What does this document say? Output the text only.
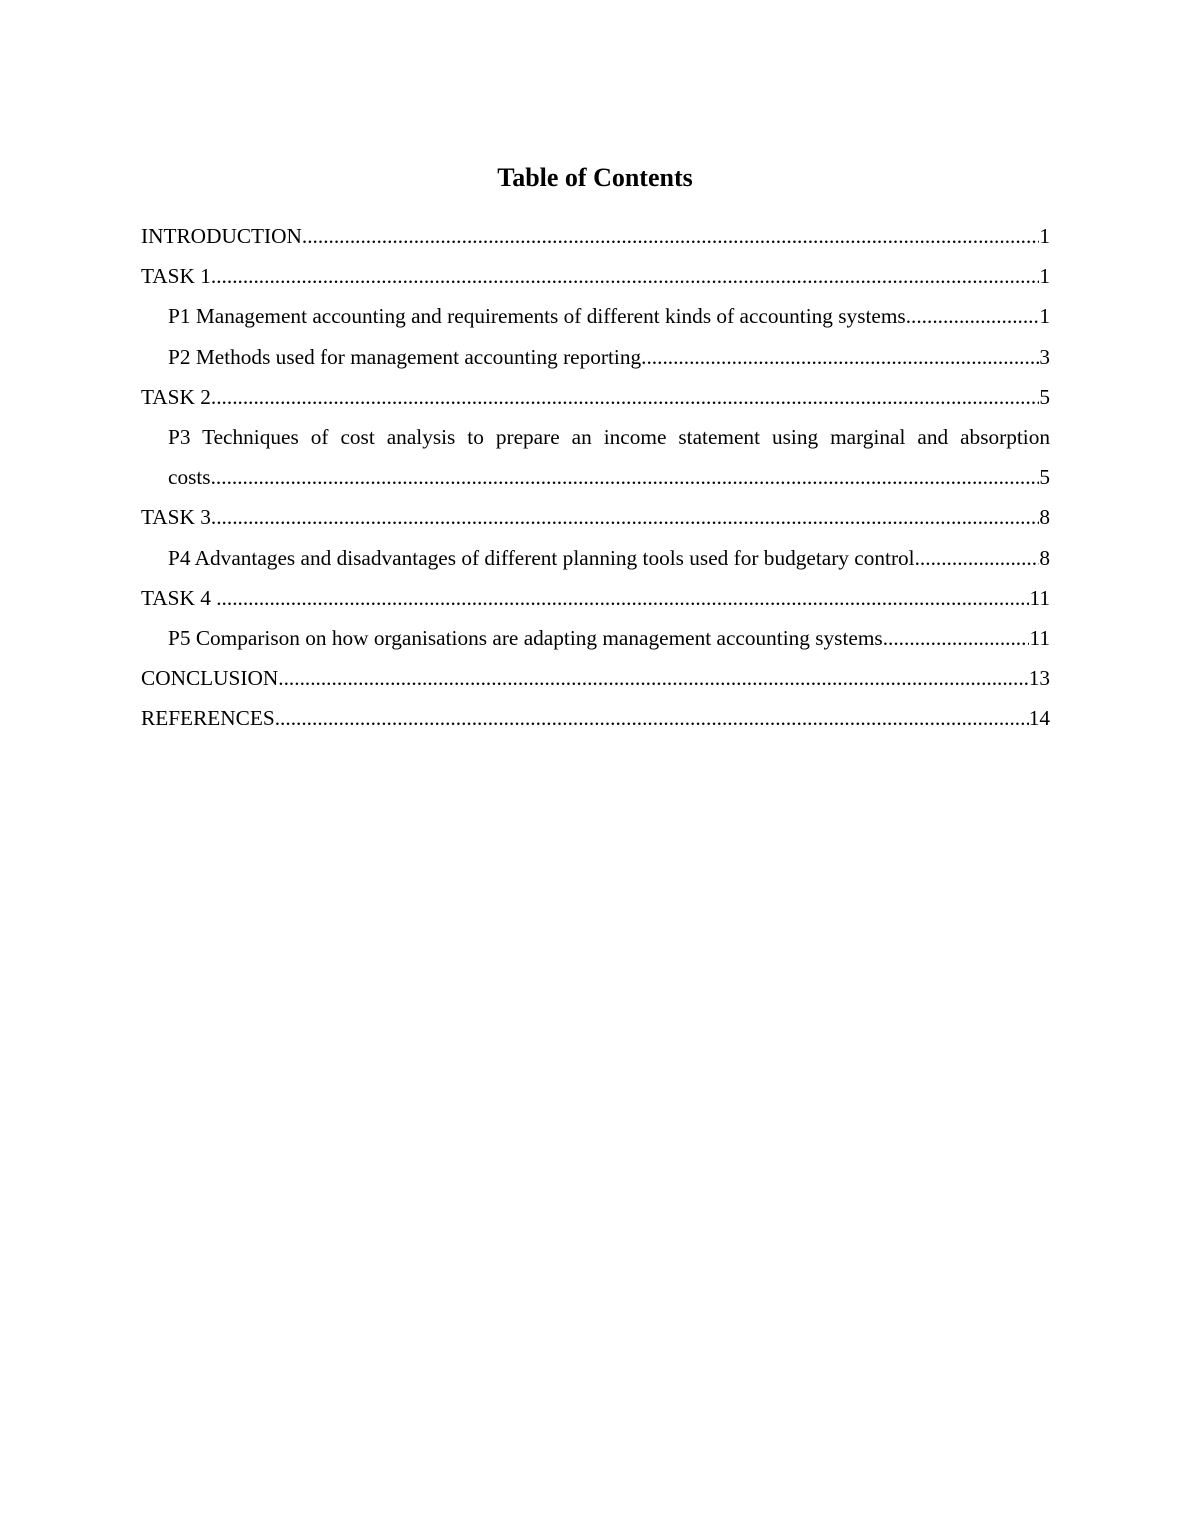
Table of Contents
INTRODUCTION .....	1
TASK 1 .....	1
P1 Management accounting and requirements of different kinds of accounting systems. .....	1
P2 Methods used for management accounting reporting .....	3
TASK 2 .....	5
P3 Techniques of cost analysis to prepare an income statement using marginal and absorption
costs .....	5
TASK 3 .....	8
P4 Advantages and disadvantages of different planning tools used for budgetary control .....	8
TASK 4 .....	11
P5 Comparison on how organisations are adapting management accounting systems .....	11
CONCLUSION .....	13
REFERENCES .....	14
